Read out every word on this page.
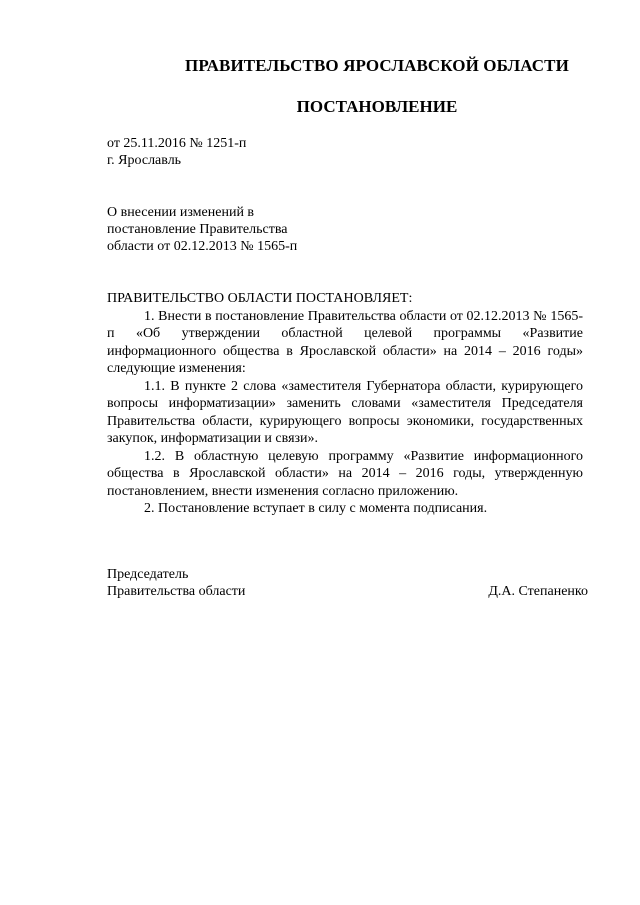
ПРАВИТЕЛЬСТВО ЯРОСЛАВСКОЙ ОБЛАСТИ
ПОСТАНОВЛЕНИЕ
от 25.11.2016 № 1251-п
г. Ярославль
О внесении изменений в
постановление Правительства
области от 02.12.2013 № 1565-п

ПРАВИТЕЛЬСТВО ОБЛАСТИ ПОСТАНОВЛЯЕТ:

1. Внести в постановление Правительства области от 02.12.2013 № 1565-п «Об утверждении областной целевой программы «Развитие информационного общества в Ярославской области» на 2014 – 2016 годы» следующие изменения:

1.1. В пункте 2 слова «заместителя Губернатора области, курирующего вопросы информатизации» заменить словами «заместителя Председателя Правительства области, курирующего вопросы экономики, государственных закупок, информатизации и связи».

1.2. В областную целевую программу «Развитие информационного общества в Ярославской области» на 2014 – 2016 годы, утвержденную постановлением, внести изменения согласно приложению.

2. Постановление вступает в силу с момента подписания.

Председатель
Правительства области	Д.А. Степаненко
